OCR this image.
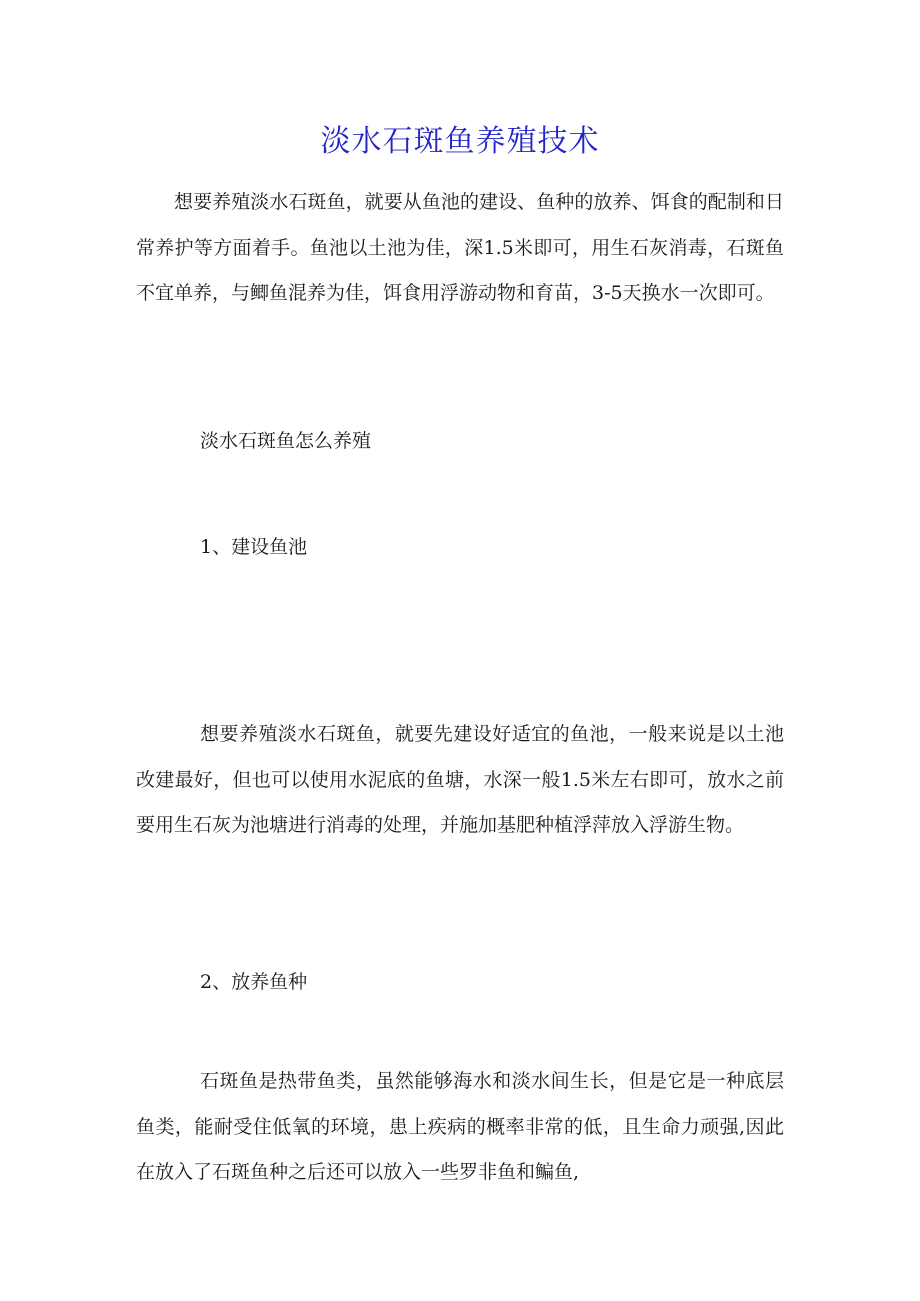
淡水石斑鱼养殖技术

想要养殖淡水石斑鱼，就要从鱼池的建设、鱼种的放养、饵食的配制和日常养护等方面着手。鱼池以土池为佳，深1.5米即可，用生石灰消毒，石斑鱼不宜单养，与鲫鱼混养为佳，饵食用浮游动物和育苗，3-5天换水一次即可。

淡水石斑鱼怎么养殖
1、建设鱼池

想要养殖淡水石斑鱼，就要先建设好适宜的鱼池，一般来说是以土池改建最好，但也可以使用水泥底的鱼塘，水深一般1.5米左右即可，放水之前要用生石灰为池塘进行消毒的处理，并施加基肥种植浮萍放入浮游生物。

2、放养鱼种

石斑鱼是热带鱼类，虽然能够海水和淡水间生长，但是它是一种底层鱼类，能耐受住低氧的环境，患上疾病的概率非常的低，且生命力顽强,因此在放入了石斑鱼种之后还可以放入一些罗非鱼和鳊鱼,
